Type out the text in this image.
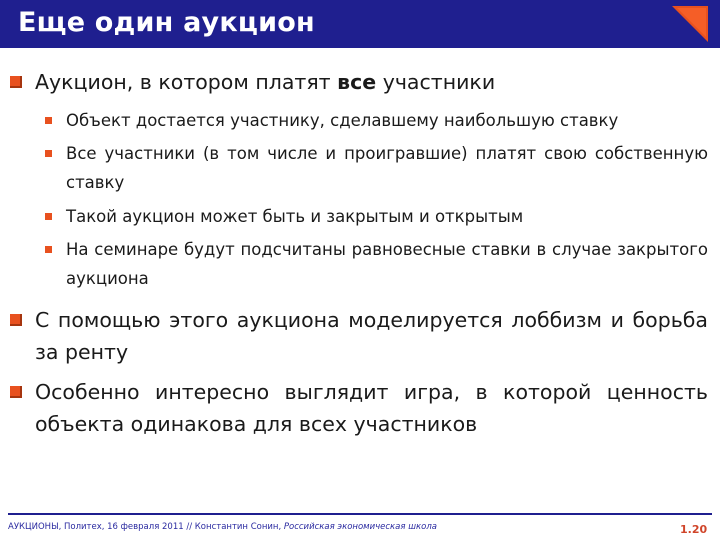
Еще один аукцион
Аукцион, в котором платят все участники
Объект достается участнику, сделавшему наибольшую ставку
Все участники (в том числе и проигравшие) платят свою собственную ставку
Такой аукцион может быть и закрытым и открытым
На семинаре будут подсчитаны равновесные ставки в случае закрытого аукциона
С помощью этого аукциона моделируется лоббизм и борьба за ренту
Особенно интересно выглядит игра, в которой ценность объекта одинакова для всех участников
АУКЦИОНЫ, Политех, 16 февраля 2011 // Константин Сонин, Российская экономическая школа	1.20
